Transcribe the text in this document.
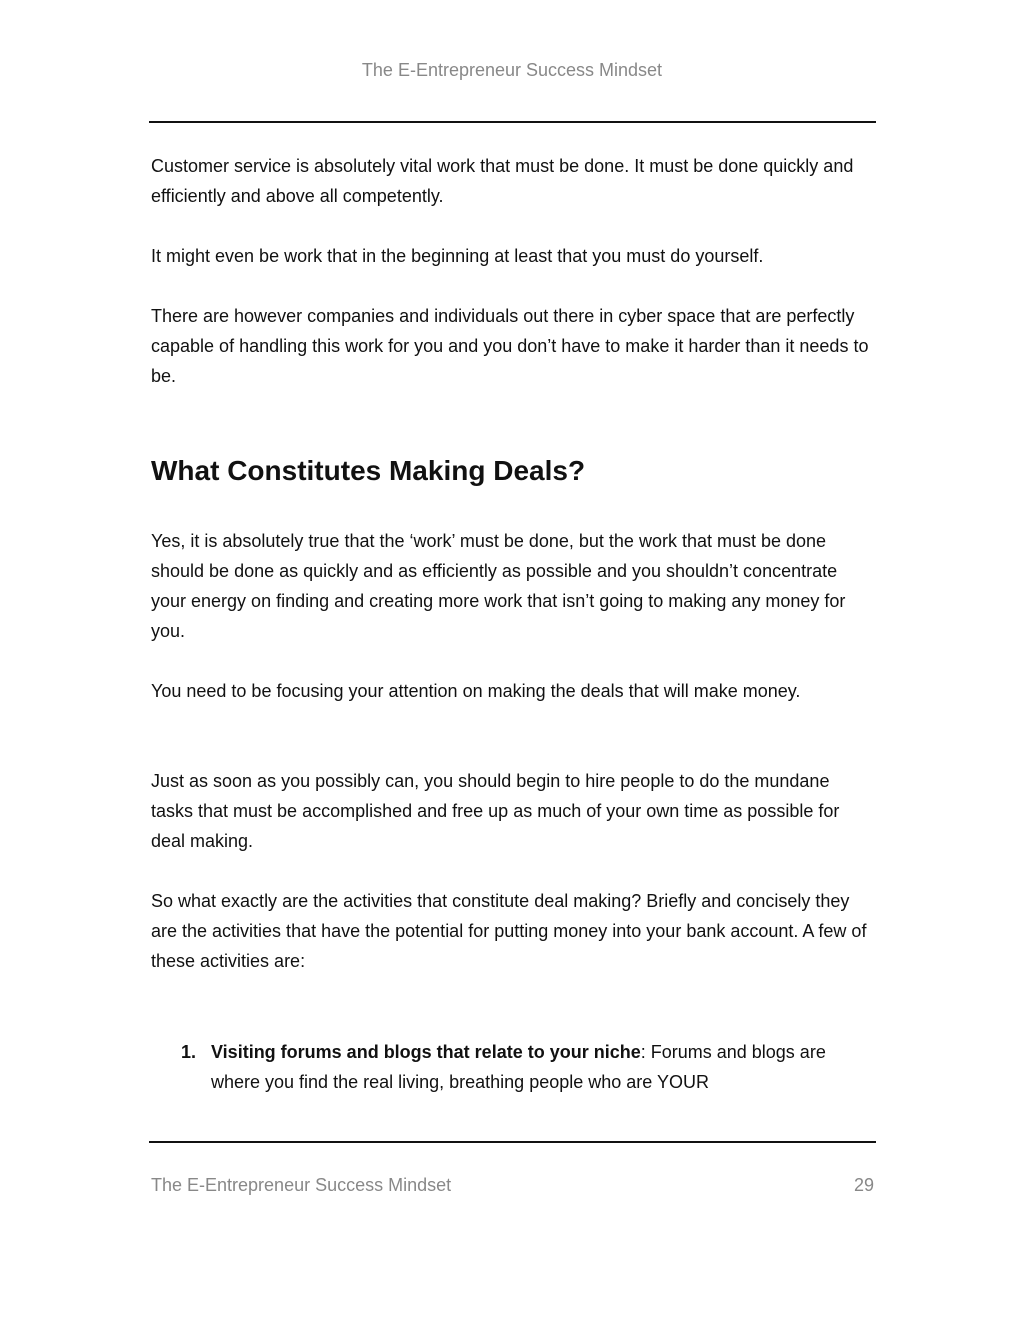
The E-Entrepreneur Success Mindset

Customer service is absolutely vital work that must be done. It must be done quickly and efficiently and above all competently.

It might even be work that in the beginning at least that you must do yourself.

There are however companies and individuals out there in cyber space that are perfectly capable of handling this work for you and you don’t have to make it harder than it needs to be.

What Constitutes Making Deals?

Yes, it is absolutely true that the ‘work’ must be done, but the work that must be done should be done as quickly and as efficiently as possible and you shouldn’t concentrate your energy on finding and creating more work that isn’t going to making any money for you.

You need to be focusing your attention on making the deals that will make money.

Just as soon as you possibly can, you should begin to hire people to do the mundane tasks that must be accomplished and free up as much of your own time as possible for deal making.

So what exactly are the activities that constitute deal making? Briefly and concisely they are the activities that have the potential for putting money into your bank account. A few of these activities are:

1. Visiting forums and blogs that relate to your niche: Forums and blogs are where you find the real living, breathing people who are YOUR

The E-Entrepreneur Success Mindset	29
